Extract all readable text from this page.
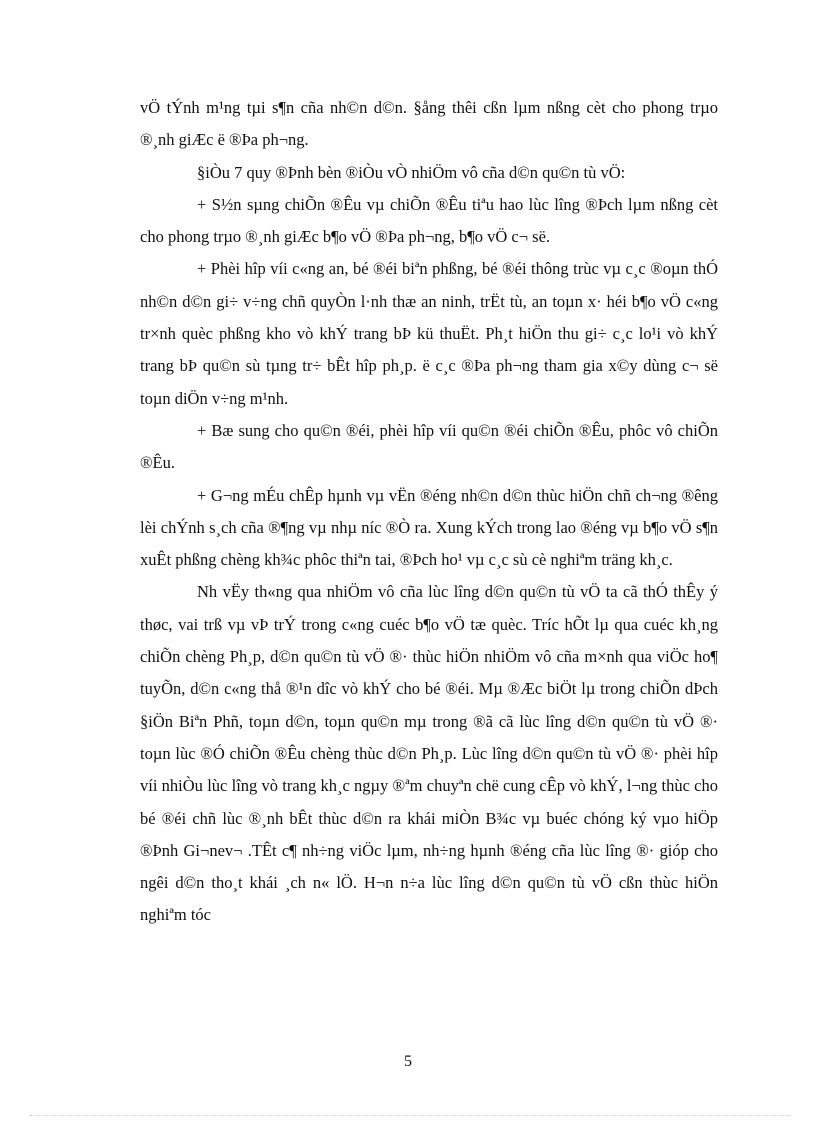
vÖ tÝnh m¹ng tµi s¶n cña nh©n d©n. §ång thêi cßn lµm nßng cèt cho phong trµo ®¸nh giÆc ë ®Þa ph¬ng.

§iÒu 7 quy ®Þnh bèn ®iÒu vÒ nhiÖm vô cña d©n qu©n tù vÖ:

+ S½n sµng chiÕn ®Êu vµ chiÕn ®Êu tiªu hao lùc lîng ®Þch lµm nßng cèt cho phong trµo ®¸nh giÆc b¶o vÖ ®Þa ph¬ng, b¶o vÖ c¬ së.

+ Phèi hîp víi c«ng an, bé ®éi biªn phßng, bé ®éi thông trùc vµ c¸c ®oµn thÓ nh©n d©n gi÷ v÷ng chñ quyÒn l·nh thæ an ninh, trËt tù, an toµn x· héi b¶o vÖ c«ng tr×nh quèc phßng kho vò khÝ trang bÞ kü thuËt. Ph¸t hiÖn thu gi÷ c¸c lo¹i vò khÝ trang bÞ qu©n sù tµng tr÷ bÊt hîp ph¸p. ë c¸c ®Þa ph¬ng tham gia x©y dùng c¬ së toµn diÖn v÷ng m¹nh.

+ Bæ sung cho qu©n ®éi, phèi hîp víi qu©n ®éi chiÕn ®Êu, phôc vô chiÕn ®Êu.

+ G¬ng mÉu chÊp hµnh vµ vËn ®éng nh©n d©n thùc hiÖn chñ ch¬ng ®êng lèi chÝnh s¸ch cña ®¶ng vµ nhµ níc ®Ò ra. Xung kÝch trong lao ®éng vµ b¶o vÖ s¶n xuÊt phßng chèng kh¾c phôc thiªn tai, ®Þch ho¹ vµ c¸c sù cè nghiªm träng kh¸c.

Nh vËy th«ng qua nhiÖm vô cña lùc lîng d©n qu©n tù vÖ ta cã thÓ thÊy ý thøc, vai trß vµ vÞ trÝ trong c«ng cuéc b¶o vÖ tæ quèc. Tríc hÕt lµ qua cuéc kh¸ng chiÕn chèng Ph¸p, d©n qu©n tù vÖ ®· thùc hiÖn nhiÖm vô cña m×nh qua viÖc ho¶ tuyÕn, d©n c«ng thå ®¹n dîc vò khÝ cho bé ®éi. Mµ ®Æc biÖt lµ trong chiÕn dÞch §iÖn Biªn Phñ, toµn d©n, toµn qu©n mµ trong ®ã cã lùc lîng d©n qu©n tù vÖ ®· toµn lùc ®Ó chiÕn ®Êu chèng thùc d©n Ph¸p. Lùc lîng d©n qu©n tù vÖ ®· phèi hîp víi nhiÒu lùc lîng vò trang kh¸c ngµy ®ªm chuyªn chë cung cÊp vò khÝ, l¬ng thùc cho bé ®éi chñ lùc ®¸nh bÊt thùc d©n ra khái miÒn B¾c vµ buéc chóng ký vµo hiÖp ®Þnh Gi¬nev¬ .TÊt c¶ nh÷ng viÖc lµm, nh÷ng hµnh ®éng cña lùc lîng ®· gióp cho ngêi d©n tho¸t khái ¸ch n« lÖ. H¬n n÷a lùc lîng d©n qu©n tù vÖ cßn thùc hiÖn nghiªm tóc

5
